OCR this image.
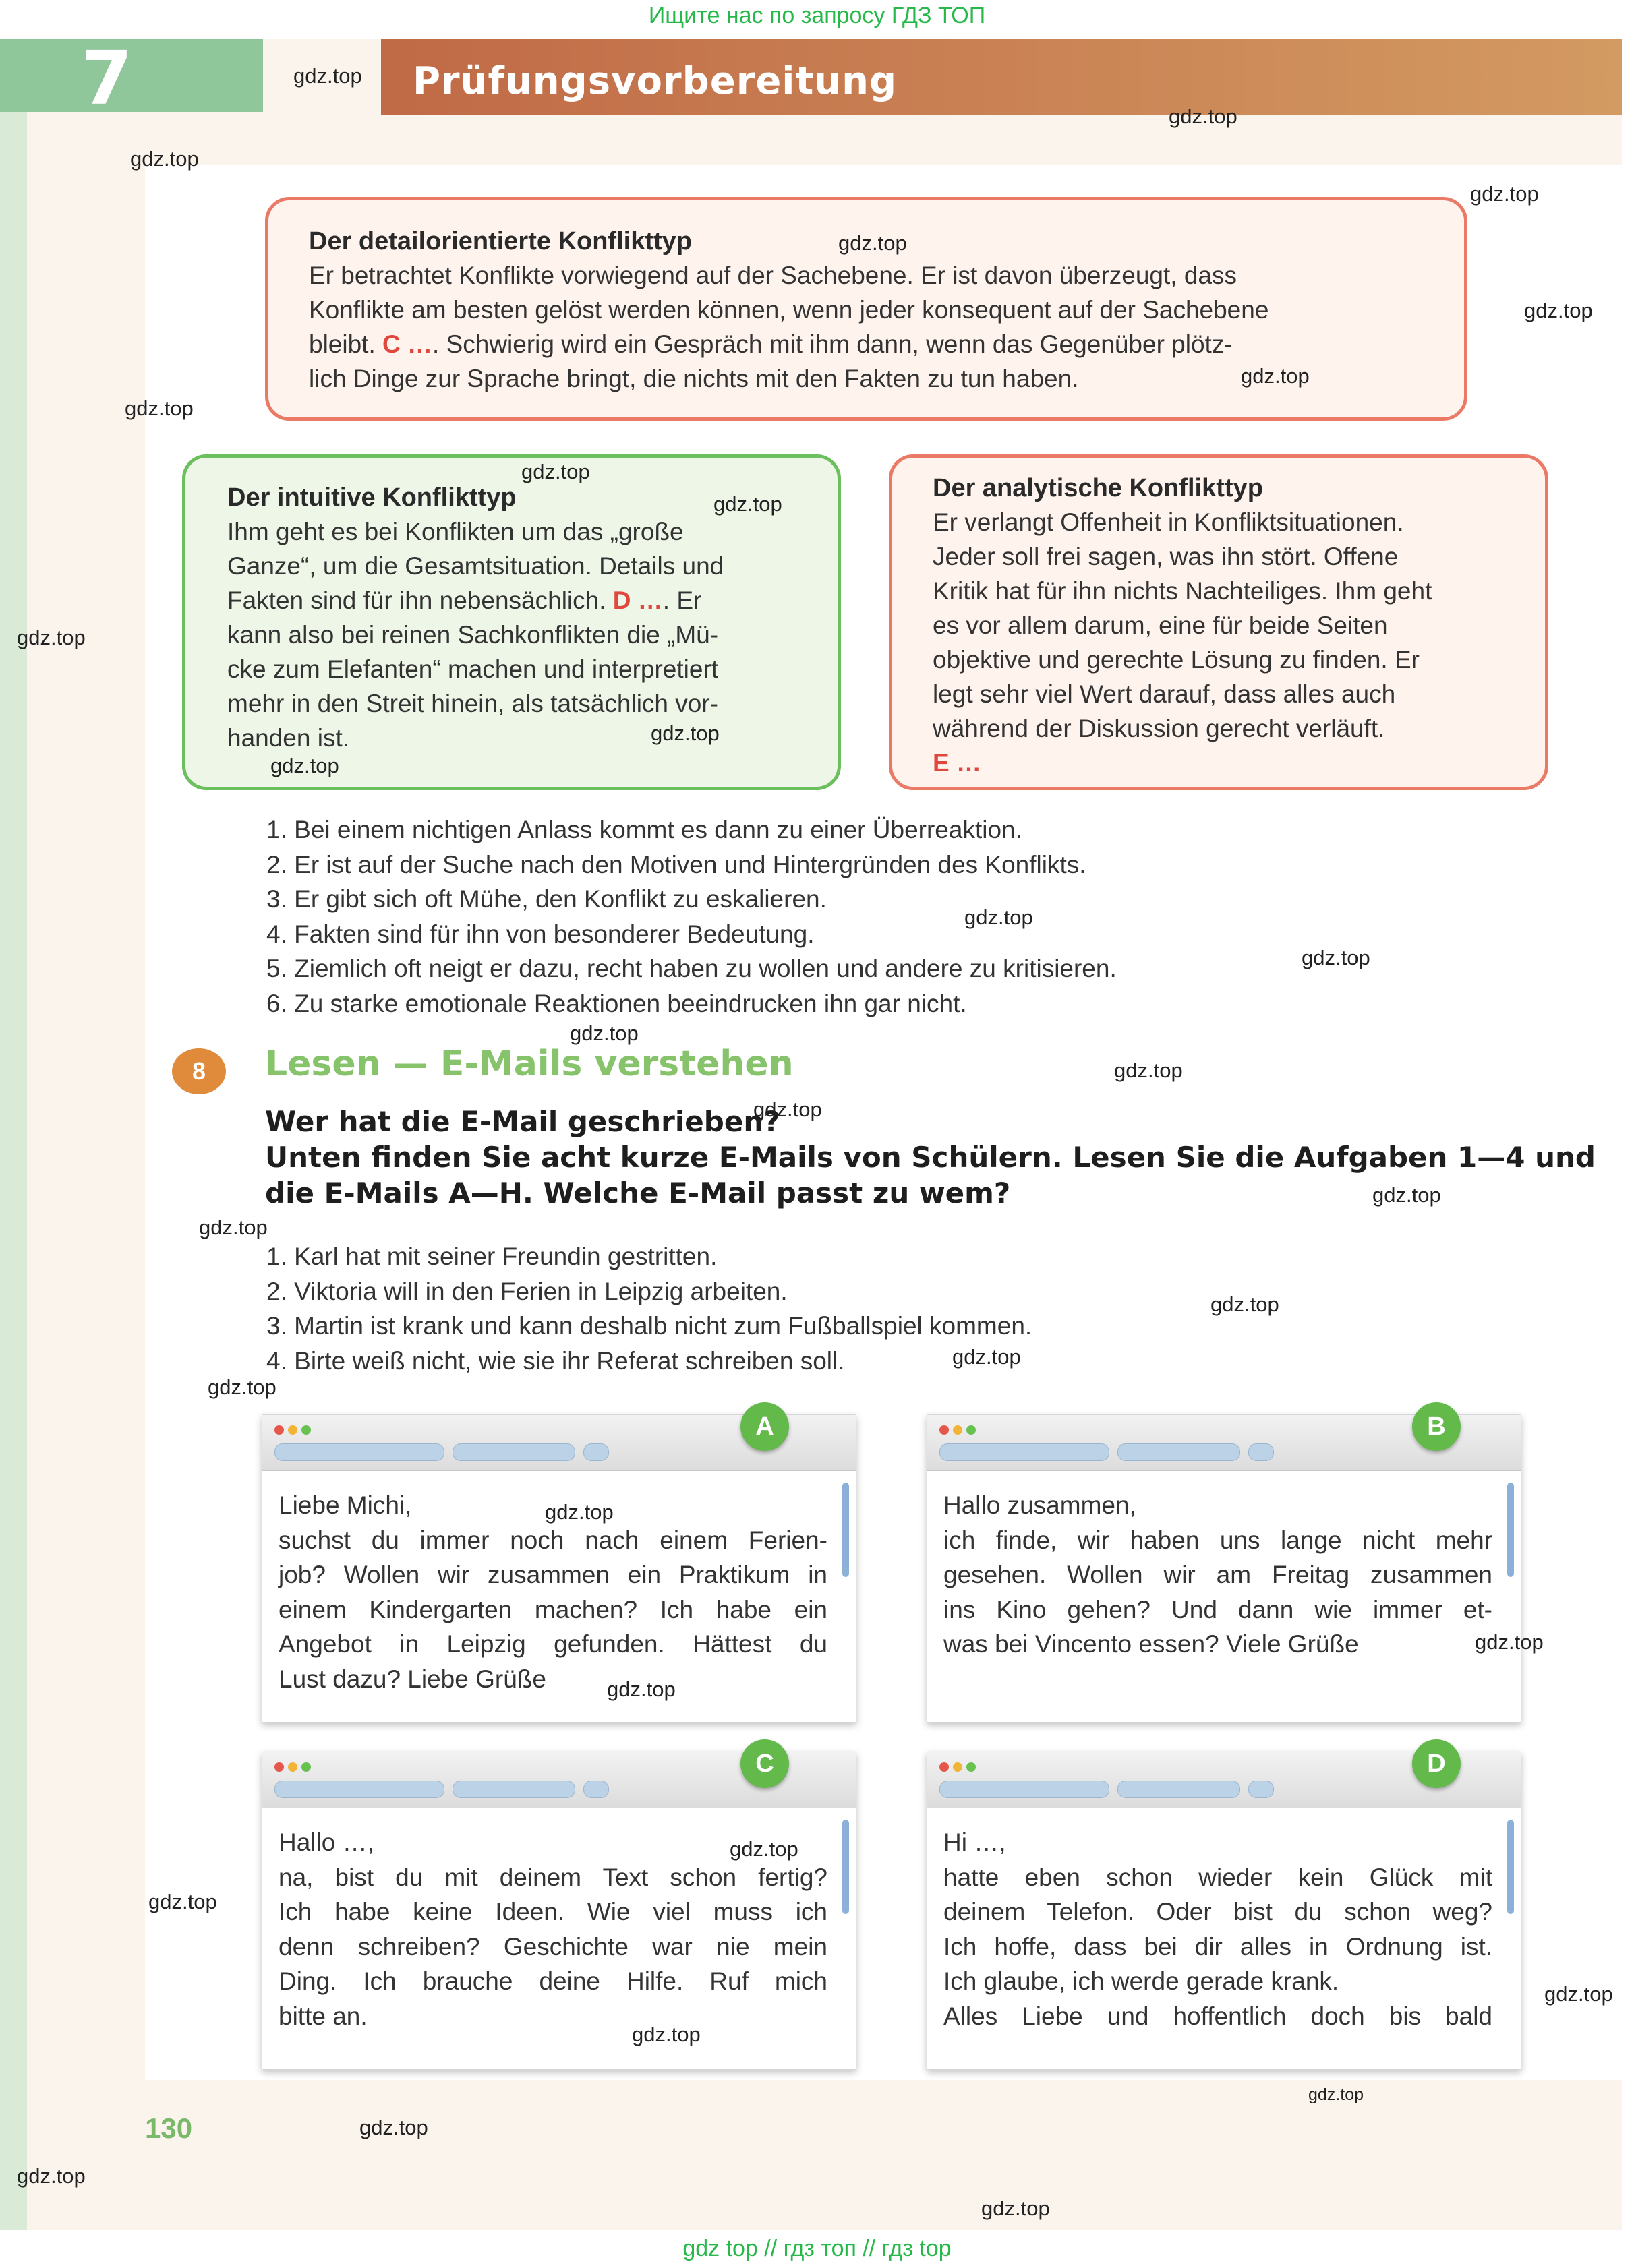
Ищите нас по запросу ГДЗ ТОП
7	Prüfungsvorbereitung
Der detailorientierte Konflikttyp

Er betrachtet Konflikte vorwiegend auf der Sachebene. Er ist davon überzeugt, dass

Konflikte am besten gelöst werden können, wenn jeder konsequent auf der Sachebene

bleibt. C …. Schwierig wird ein Gespräch mit ihm dann, wenn das Gegenüber plötz-

lich Dinge zur Sprache bringt, die nichts mit den Fakten zu tun haben.

Der intuitive Konflikttyp

Ihm geht es bei Konflikten um das „große

Ganze“, um die Gesamtsituation. Details und

Fakten sind für ihn nebensächlich. D …. Er

kann also bei reinen Sachkonflikten die „Mü-

cke zum Elefanten“ machen und interpretiert

mehr in den Streit hinein, als tatsächlich vor-

handen ist.

Der analytische Konflikttyp

Er verlangt Offenheit in Konfliktsituationen.

Jeder soll frei sagen, was ihn stört. Offene

Kritik hat für ihn nichts Nachteiliges. Ihm geht

es vor allem darum, eine für beide Seiten

objektive und gerechte Lösung zu finden. Er

legt sehr viel Wert darauf, dass alles auch

während der Diskussion gerecht verläuft.

E …

1. Bei einem nichtigen Anlass kommt es dann zu einer Überreaktion.
2. Er ist auf der Suche nach den Motiven und Hintergründen des Konflikts.
3. Er gibt sich oft Mühe, den Konflikt zu eskalieren.
4. Fakten sind für ihn von besonderer Bedeutung.
5. Ziemlich oft neigt er dazu, recht haben zu wollen und andere zu kritisieren.
6. Zu starke emotionale Reaktionen beeindrucken ihn gar nicht.
8	Lesen — E-Mails verstehen
Wer hat die E-Mail geschrieben?
Unten finden Sie acht kurze E-Mails von Schülern. Lesen Sie die Aufgaben 1—4 und
die E-Mails A—H. Welche E-Mail passt zu wem?
1. Karl hat mit seiner Freundin gestritten.
2. Viktoria will in den Ferien in Leipzig arbeiten.
3. Martin ist krank und kann deshalb nicht zum Fußballspiel kommen.
4. Birte weiß nicht, wie sie ihr Referat schreiben soll.
Liebe Michi,
suchst du immer noch nach einem Ferien-
job? Wollen wir zusammen ein Praktikum in
einem Kindergarten machen? Ich habe ein
Angebot in Leipzig gefunden. Hättest du
Lust dazu? Liebe Grüße
A
Hallo zusammen,
ich finde, wir haben uns lange nicht mehr
gesehen. Wollen wir am Freitag zusammen
ins Kino gehen? Und dann wie immer et-
was bei Vincento essen? Viele Grüße
B
Hallo …,
na, bist du mit deinem Text schon fertig?
Ich habe keine Ideen. Wie viel muss ich
denn schreiben? Geschichte war nie mein
Ding. Ich brauche deine Hilfe. Ruf mich
bitte an.
C
Hi …,
hatte eben schon wieder kein Glück mit
deinem Telefon. Oder bist du schon weg?
Ich hoffe, dass bei dir alles in Ordnung ist.
Ich glaube, ich werde gerade krank.
Alles Liebe und hoffentlich doch bis bald
D
130
gdz.top
gdz.top
gdz.top
gdz.top
gdz.top
gdz.top
gdz.top
gdz.top
gdz.top
gdz.top
gdz.top
gdz.top
gdz.top
gdz.top
gdz.top
gdz.top
gdz.top
gdz.top
gdz.top
gdz.top
gdz.top
gdz.top
gdz.top
gdz.top
gdz.top
gdz.top
gdz.top
gdz.top
gdz.top
gdz.top
gdz.top
gdz.top
gdz.top
gdz.top
gdz top // гдз топ // гдз top
